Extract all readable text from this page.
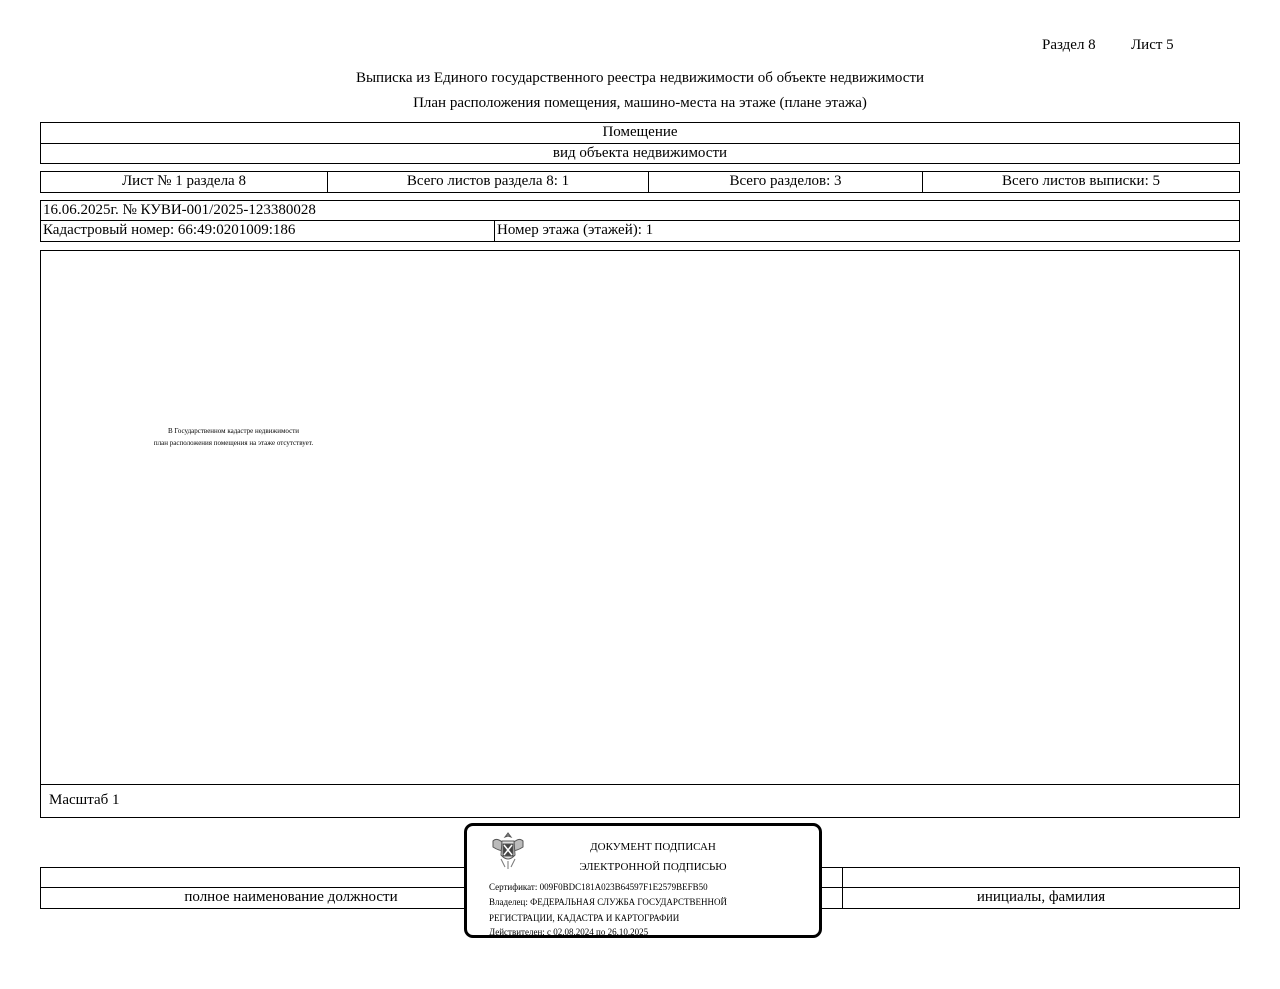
Раздел 8 Лист 5
Выписка из Единого государственного реестра недвижимости об объекте недвижимости
План расположения помещения, машино-места на этаже (плане этажа)
Помещение
вид объекта недвижимости
Лист № 1 раздела 8	Всего листов раздела 8: 1	Всего разделов: 3	Всего листов выписки: 5
16.06.2025г. № КУВИ-001/2025-123380028
Кадастровый номер: 66:49:0201009:186	Номер этажа (этажей): 1
В Государственном кадастре недвижимости
план расположения помещения на этаже отсутствует.
Масштаб 1
полное наименование должности	инициалы, фамилия
ДОКУМЕНТ ПОДПИСАН
ЭЛЕКТРОННОЙ ПОДПИСЬЮ
Сертификат: 009F0BDC181A023B64597F1E2579BEFB50
Владелец: ФЕДЕРАЛЬНАЯ СЛУЖБА ГОСУДАРСТВЕННОЙ
РЕГИСТРАЦИИ, КАДАСТРА И КАРТОГРАФИИ
Действителен: с 02.08.2024 по 26.10.2025
